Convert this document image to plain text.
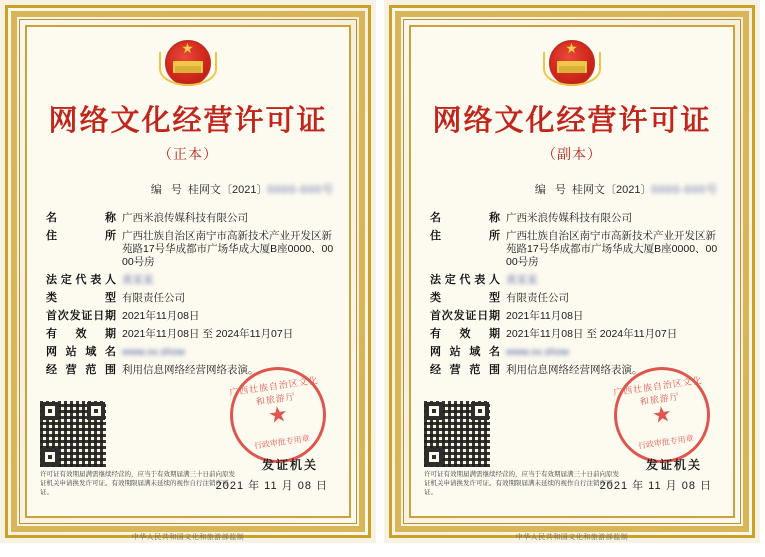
★
网络文化经营许可证
（正本）
编 号 桂网文〔2021〕0000-000号
名称 广西米浪传媒科技有限公司
住所 广西壮族自治区南宁市高新技术产业开发区新苑路17号华成都市广场华成大厦B座0000、0000号房
法定代表人 黄某某
类型 有限责任公司
首次发证日期 2021年11月08日
有效期 2021年11月08日 至 2024年11月07日
网站域名 www.xx.show
经营范围 利用信息网络经营网络表演。
广西壮族自治区文化和旅游厅
★
行政审批专用章
发证机关
2021 年 11 月 08 日
许可证有效期届满需继续经营的，应当于有效期届满三十日前向原发证机关申请换发许可证。有效期限届满未延续的视作自行注销许可证。
中华人民共和国文化和旅游部监制
★
网络文化经营许可证
（副本）
编 号 桂网文〔2021〕0000-000号
名称 广西米浪传媒科技有限公司
住所 广西壮族自治区南宁市高新技术产业开发区新苑路17号华成都市广场华成大厦B座0000、0000号房
法定代表人 黄某某
类型 有限责任公司
首次发证日期 2021年11月08日
有效期 2021年11月08日 至 2024年11月07日
网站域名 www.xx.show
经营范围 利用信息网络经营网络表演。
广西壮族自治区文化和旅游厅
★
行政审批专用章
发证机关
2021 年 11 月 08 日
许可证有效期届满需继续经营的，应当于有效期届满三十日前向原发证机关申请换发许可证。有效期限届满未延续的视作自行注销许可证。
中华人民共和国文化和旅游部监制
